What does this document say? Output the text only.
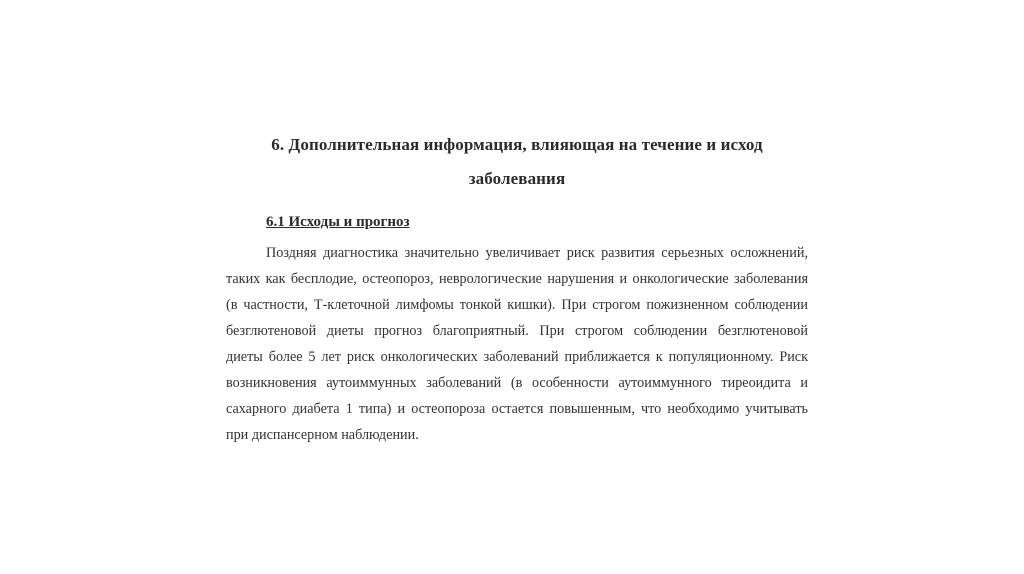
6. Дополнительная информация, влияющая на течение и исход
заболевания
6.1 Исходы и прогноз
Поздняя диагностика значительно увеличивает риск развития серьезных осложнений,
таких как бесплодие, остеопороз, неврологические нарушения и онкологические заболевания
(в частности, Т-клеточной лимфомы тонкой кишки). При строгом пожизненном соблюдении
безглютеновой диеты прогноз благоприятный. При строгом соблюдении безглютеновой
диеты более 5 лет риск онкологических заболеваний приближается к популяционному. Риск
возникновения аутоиммунных заболеваний (в особенности аутоиммунного тиреоидита и
сахарного диабета 1 типа) и остеопороза остается повышенным, что необходимо учитывать
при диспансерном наблюдении.
